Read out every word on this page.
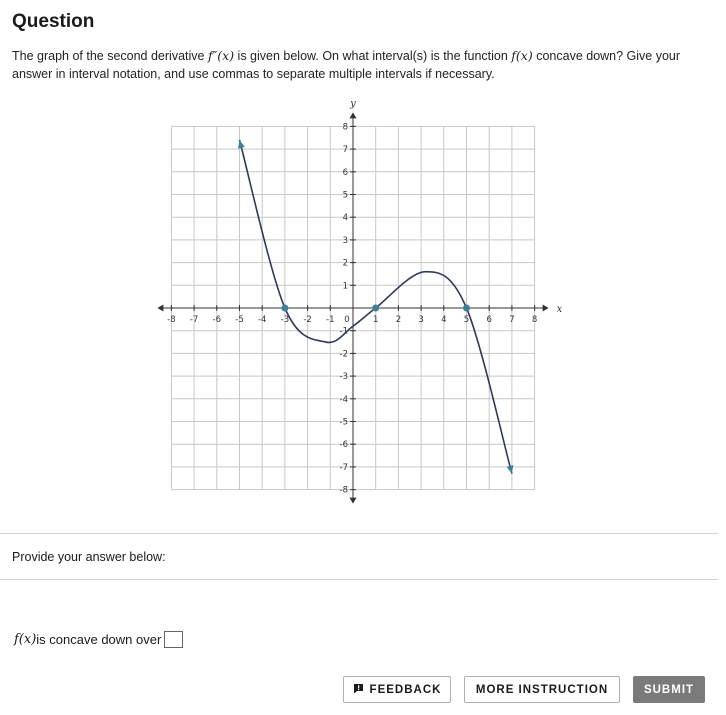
Question
The graph of the second derivative f″(x) is given below. On what interval(s) is the function f(x) concave down? Give your answer in interval notation, and use commas to separate multiple intervals if necessary.
x
y
-8 -7 -6 -5 -4 -3 -2 -1 0	1 2 3 4 5 6 7 8
8
7
6
5
4
3
2
1
-1
-2
-3
-4
-5
-6
-7
-8
Provide your answer below:
f(x) is concave down over
FEEDBACK	MORE INSTRUCTION	SUBMIT
